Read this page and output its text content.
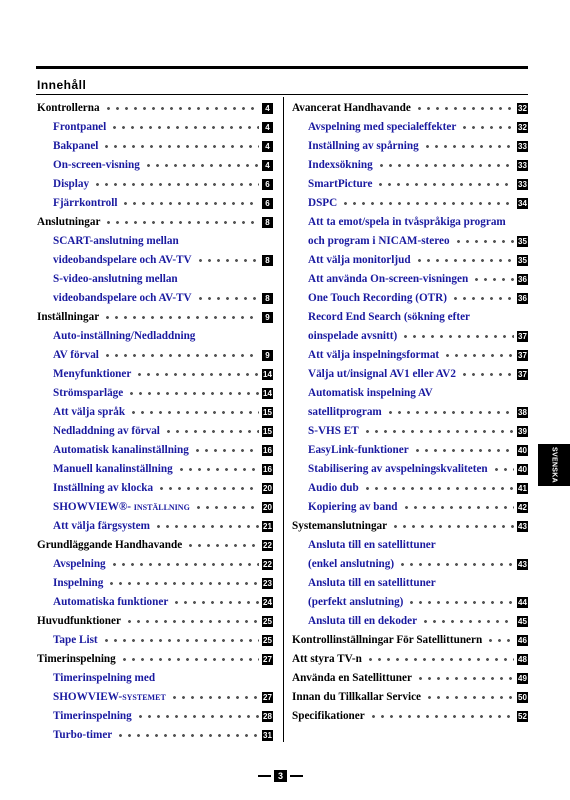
Innehåll
Kontrollerna	4
Frontpanel	4
Bakpanel	4
On-screen-visning	4
Display	6
Fjärrkontroll	6
Anslutningar	8
SCART-anslutning mellan
videobandspelare och AV-TV	8
S-video-anslutning mellan
videobandspelare och AV-TV	8
Inställningar	9
Auto-inställning/Nedladdning
AV förval	9
Menyfunktioner	14
Strömsparläge	14
Att välja språk	15
Nedladdning av förval	15
Automatisk kanalinställning	16
Manuell kanalinställning	16
Inställning av klocka	20
SHOWVIEW®- inställning	20
Att välja färgsystem	21
Grundläggande Handhavande	22
Avspelning	22
Inspelning	23
Automatiska funktioner	24
Huvudfunktioner	25
Tape List	25
Timerinspelning	27
Timerinspelning med
SHOWVIEW-systemet	27
Timerinspelning	28
Turbo-timer	31
Avancerat Handhavande	32
Avspelning med specialeffekter	32
Inställning av spårning	33
Indexsökning	33
SmartPicture	33
DSPC	34
Att ta emot/spela in tvåspråkiga program
och program i NICAM-stereo	35
Att välja monitorljud	35
Att använda On-screen-visningen	36
One Touch Recording (OTR)	36
Record End Search (sökning efter
oinspelade avsnitt)	37
Att välja inspelningsformat	37
Välja ut/insignal AV1 eller AV2	37
Automatisk inspelning AV
satellitprogram	38
S-VHS ET	39
EasyLink-funktioner	40
Stabilisering av avspelningskvaliteten	40
Audio dub	41
Kopiering av band	42
Systemanslutningar	43
Ansluta till en satellittuner
(enkel anslutning)	43
Ansluta till en satellittuner
(perfekt anslutning)	44
Ansluta till en dekoder	45
Kontrollinställningar För Satellittunern	46
Att styra TV-n	48
Använda en Satellittuner	49
Innan du Tillkallar Service	50
Specifikationer	52
SVENSKA
3
